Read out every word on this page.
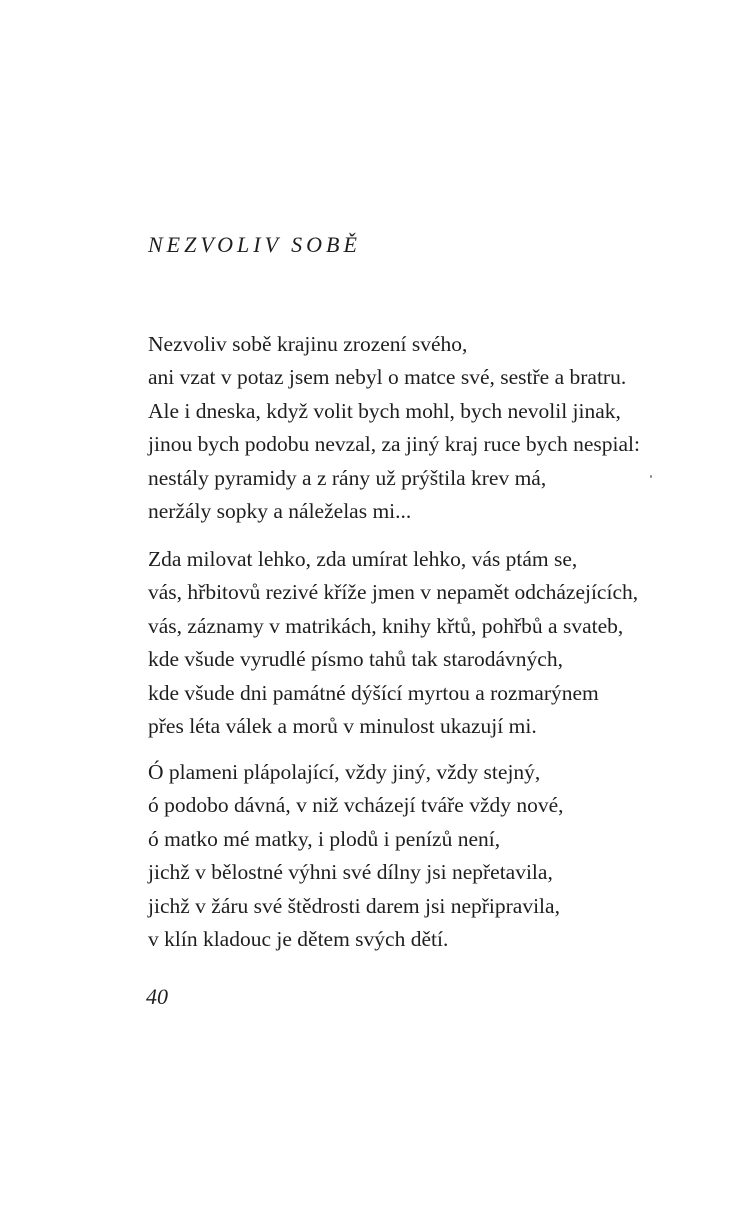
NEZVOLIV SOBĚ
Nezvoliv sobě krajinu zrození svého,
ani vzat v potaz jsem nebyl o matce své, sestře a bratru.
Ale i dneska, když volit bych mohl, bych nevolil jinak,
jinou bych podobu nevzal, za jiný kraj ruce bych nespial:
nestály pyramidy a z rány už prýštila krev má,
neržály sopky a náleželas mi...
Zda milovat lehko, zda umírat lehko, vás ptám se,
vás, hřbitovů rezivé kříže jmen v nepamět odcházejících,
vás, záznamy v matrikách, knihy křtů, pohřbů a svateb,
kde všude vyrudlé písmo tahů tak starodávných,
kde všude dni památné dýšící myrtou a rozmarýnem
přes léta válek a morů v minulost ukazují mi.
Ó plameni plápolající, vždy jiný, vždy stejný,
ó podobo dávná, v niž vcházejí tváře vždy nové,
ó matko mé matky, i plodů i penízů není,
jichž v bělostné výhni své dílny jsi nepřetavila,
jichž v žáru své štědrosti darem jsi nepřipravila,
v klín kladouc je dětem svých dětí.

40
